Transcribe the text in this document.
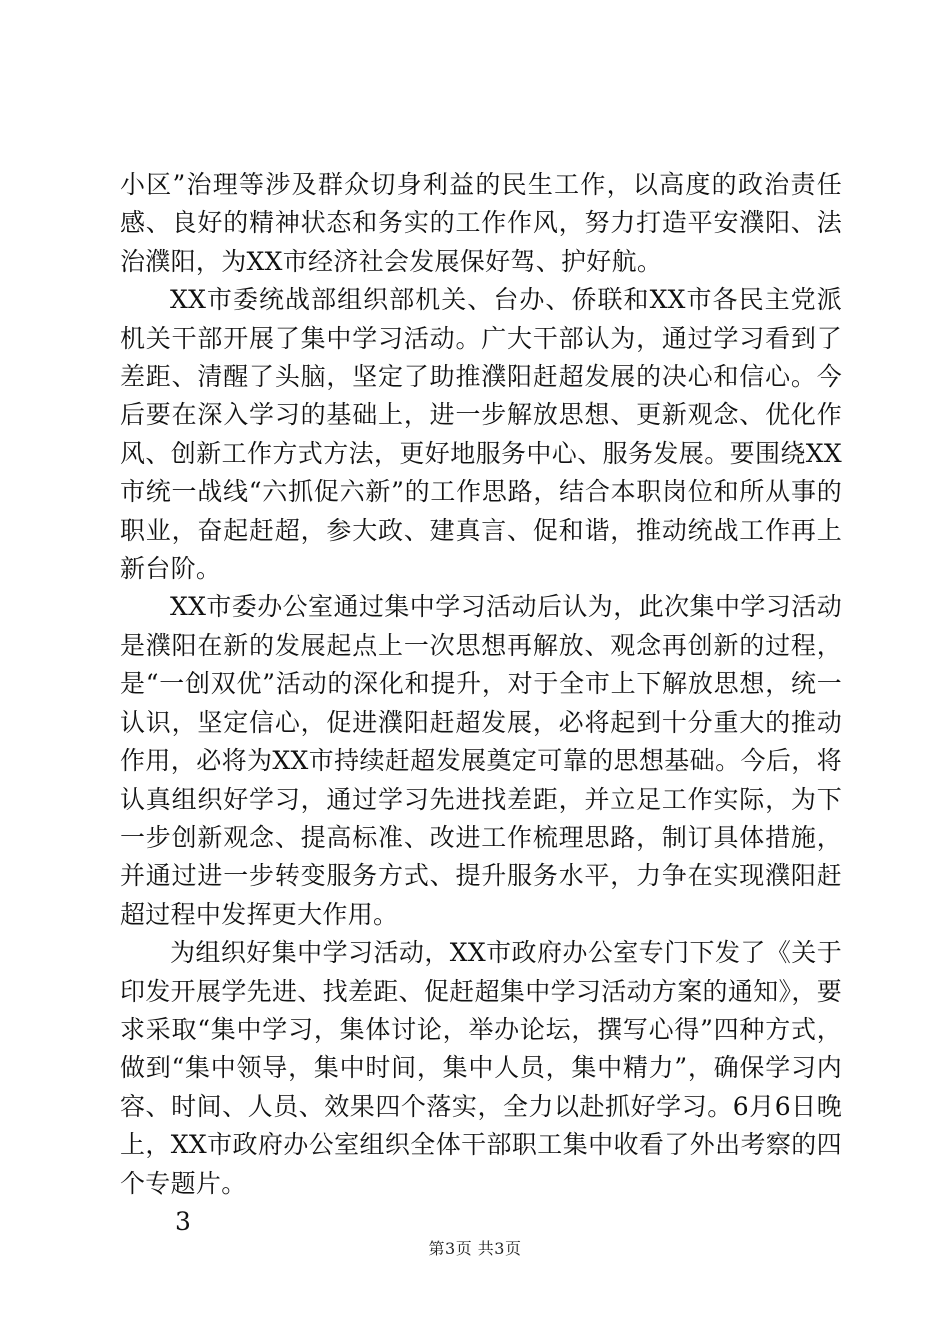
小区”治理等涉及群众切身利益的民生工作，以高度的政治责任感、良好的精神状态和务实的工作作风，努力打造平安濮阳、法治濮阳，为XX市经济社会发展保好驾、护好航。

XX市委统战部组织部机关、台办、侨联和XX市各民主党派机关干部开展了集中学习活动。广大干部认为，通过学习看到了差距、清醒了头脑，坚定了助推濮阳赶超发展的决心和信心。今后要在深入学习的基础上，进一步解放思想、更新观念、优化作风、创新工作方式方法，更好地服务中心、服务发展。要围绕XX市统一战线“六抓促六新”的工作思路，结合本职岗位和所从事的职业，奋起赶超，参大政、建真言、促和谐，推动统战工作再上新台阶。

XX市委办公室通过集中学习活动后认为，此次集中学习活动是濮阳在新的发展起点上一次思想再解放、观念再创新的过程，是“一创双优”活动的深化和提升，对于全市上下解放思想，统一认识，坚定信心，促进濮阳赶超发展，必将起到十分重大的推动作用，必将为XX市持续赶超发展奠定可靠的思想基础。今后，将认真组织好学习，通过学习先进找差距，并立足工作实际，为下一步创新观念、提高标准、改进工作梳理思路，制订具体措施，并通过进一步转变服务方式、提升服务水平，力争在实现濮阳赶超过程中发挥更大作用。

为组织好集中学习活动，XX市政府办公室专门下发了《关于印发开展学先进、找差距、促赶超集中学习活动方案的通知》，要求采取“集中学习，集体讨论，举办论坛，撰写心得”四种方式，做到“集中领导，集中时间，集中人员，集中精力”，确保学习内容、时间、人员、效果四个落实，全力以赴抓好学习。6月6日晚上，XX市政府办公室组织全体干部职工集中收看了外出考察的四个专题片。

3

第3页 共3页
